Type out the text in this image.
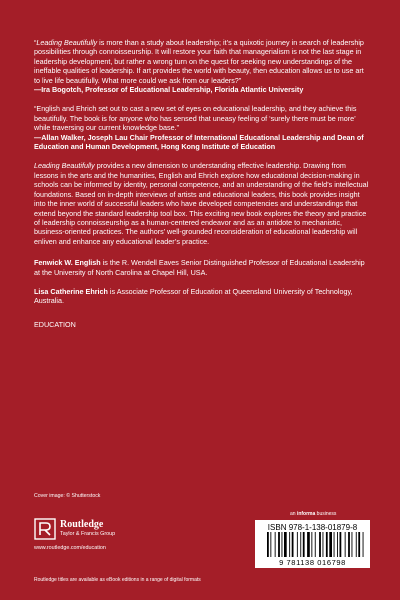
“Leading Beautifully is more than a study about leadership; it’s a quixotic journey in search of leadership possibilities through connoisseurship. It will restore your faith that managerialism is not the last stage in leadership development, but rather a wrong turn on the quest for seeking new understandings of the ineffable qualities of leadership. If art provides the world with beauty, then education allows us to use art to live life beautifully. What more could we ask from our leaders?”

—Ira Bogotch, Professor of Educational Leadership, Florida Atlantic University

“English and Ehrich set out to cast a new set of eyes on educational leadership, and they achieve this beautifully. The book is for anyone who has sensed that uneasy feeling of ‘surely there must be more’ while traversing our current knowledge base.”

—Allan Walker, Joseph Lau Chair Professor of International Educational Leadership and Dean of Education and Human Development, Hong Kong Institute of Education

Leading Beautifully provides a new dimension to understanding effective leadership. Drawing from lessons in the arts and the humanities, English and Ehrich explore how educational decision-making in schools can be informed by identity, personal competence, and an understanding of the field’s intellectual foundations. Based on in-depth interviews of artists and educational leaders, this book provides insight into the inner world of successful leaders who have developed competencies and understandings that extend beyond the standard leadership tool box. This exciting new book explores the theory and practice of leadership connoisseurship as a human-centered endeavor and as an antidote to mechanistic, business-oriented practices. The authors’ well-grounded reconsideration of educational leadership will enliven and enhance any educational leader’s practice.

Fenwick W. English is the R. Wendell Eaves Senior Distinguished Professor of Educational Leadership at the University of North Carolina at Chapel Hill, USA.

Lisa Catherine Ehrich is Associate Professor of Education at Queensland University of Technology, Australia.

EDUCATION

Cover image: © Shutterstock
Routledge
Taylor & Francis Group
www.routledge.com/education
an informa business
ISBN 978-1-138-01879-8
9 781138 016798
Routledge titles are available as eBook editions in a range of digital formats
